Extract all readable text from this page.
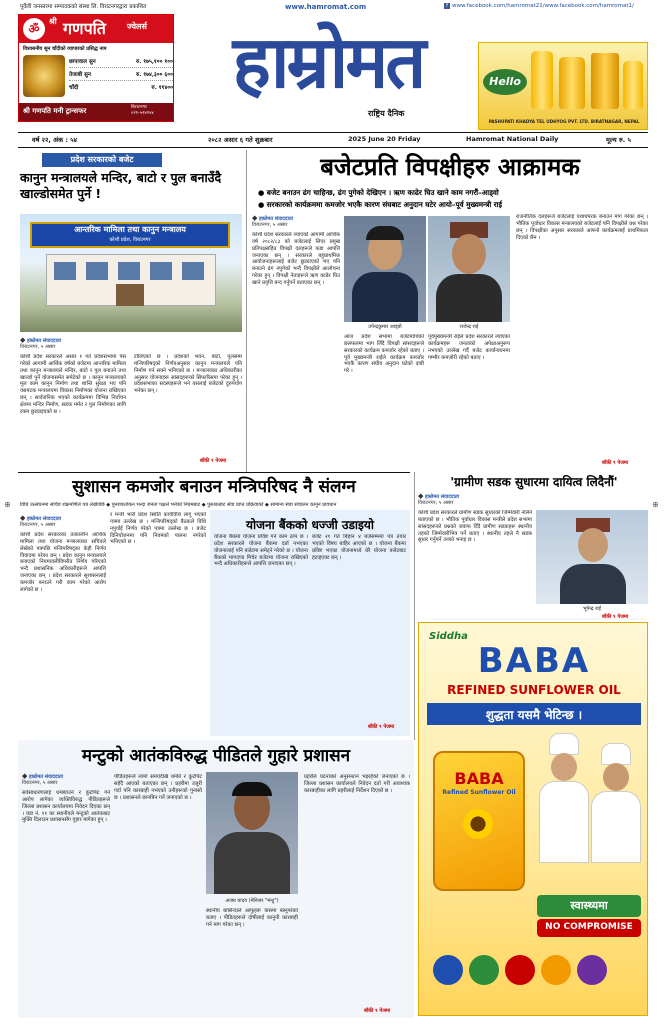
पूर्वेली जनस्तरमा सम्पादकको संस्था लि. विराटनगरद्वारा प्रकाशित	www.hamromat.com	f www.facebook.com/hamromat21/www.facebook.com/hamromat1/
ॐ
श्री गणपति	ज्वेलर्स
विश्वसनीय सुन चाँदीको व्यापारको प्रसिद्ध नाम
छापावाल सुन	रु. १७५,१०० १००
तेजाबी सुन	रु. १७४,३०० ६००
चाँदी	रु. ११४००
श्री गणपति मनी ट्रान्सफर	बिराटनगर
०२१-५२४२५४
हाम्रोमत
राष्ट्रिय दैनिक
Hello
PASHUPATI KHADYA TEL UDHYOG PVT. LTD. BIRATNAGAR, NEPAL
वर्ष २२, अंक : ५४	२०८२ असार ६ गते शुक्रबार	2025 June 20 Friday	Hamromat National Daily	मूल्य रु. ५
प्रदेश सरकारको बजेट
कानुन मन्त्रालयले मन्दिर, बाटो र पुल बनाउँदै खाल्डोसमेत पुर्ने !
आन्तरिक मामिला तथा कानुन मन्त्रालय
कोशी प्रदेश, विराटनगर
◆ हाम्रोमत संवाददाता
विराटनगर, ५ असार
कोशी प्रदेश सरकारले असार १ गते प्रदेशसभामा पेस गरेको आगामी आर्थिक वर्षको बजेटमा आन्तरिक मामिला तथा कानुन मन्त्रालयले मन्दिर, बाटो र पुल बनाउने तथा खाल्डो पुर्ने योजनासमेत समेटेको छ । कानुन मन्त्रालयको मूल काम कानुन निर्माण तथा शान्ति सुरक्षा भए पनि यसपटक मन्त्रालयमा विकास निर्माणका योजना राखिएका छन् । सार्वजनिक भएको कार्यक्रममा विभिन्न निर्वाचन क्षेत्रमा मन्दिर निर्माण, सडक मर्मत र पुल निर्माणका लागि रकम छुट्याइएको छ ।
टोलिएको छ । प्रदेशको भवन, बाटो, पुलसम्म मन्त्रिपरिषद्को निर्णयअनुसार कानुन मन्त्रालयले पनि निर्माण गर्न सक्ने भनिएको छ । मन्त्रालयका अधिकारीका अनुसार योजनाहरू सांसदहरूको सिफारिसमा परेका हुन् । प्रदेशसभाका सदस्यहरूले भने यसलाई बजेटको दुरुपयोग भनेका छन् ।
बाँकी ९ पेजमा
बजेटप्रति विपक्षीहरु आक्रामक
● बजेट बनाउन ढंग चाहिन्छ, ढंग पुगेको देखिएन । ऋण काढेर घिउ खाने काम नगरौं–आड्‌वो
● सरकारको कार्यक्रममा कमजोर भएकै कारण संघबाट अनुदान घटेर आयो–पूर्व मुख्यमन्त्री राई
◆ हाम्रोमत संवाददाता
विराटनगर, ५ असार
कोशी प्रदेश सरकारले ल्याएको आगामी आर्थिक वर्ष २०८२/८३ को बजेटलाई लिएर प्रमुख प्रतिपक्षसहित विपक्षी दलहरूले कडा आपत्ति जनाएका छन् । सरकारले बहुप्राथमिक आयोजनाहरूलाई बजेट छुट्याएको भए पनि बनाउने ढंग नपुगेको भन्दै विपक्षीले आलोचना गरेका हुन् । विपक्षी नेताहरूले ऋण काढेर घिउ खाने प्रवृत्ति बन्द गर्नुपर्ने बताएका छन् ।
उपेन्द्रकुमार आड्‌वो	राजेन्द्र राई
आज प्रदेश सभामा बजेटमाथिको छलफलमा भाग लिँदै विपक्षी सांसदहरूले सरकारको कार्यक्रम कमजोर रहेको बताए । पूर्व मुख्यमन्त्री राईले कार्यक्रम कमजोर भएकै कारण संघीय अनुदान घटेको दाबी गरे ।
पूर्वमुख्यमन्त्री राईले प्रदेश सरकारले ल्याएका कार्यक्रमहरू जनताको अपेक्षाअनुरूप नभएको उल्लेख गर्दै बजेट कार्यान्वयनमा गम्भीर कमजोरी रहेको बताए ।
राजनीतिक दलहरूले बजेटलाई यथार्थपरक बनाउन माग गरेका छन् । भौतिक पूर्वाधार विकास मन्त्रालयको बजेटलाई पनि विपक्षीले प्रश्न गरेका छन् । विपक्षीका अनुसार सरकारले आफ्नो कार्यक्रमलाई प्राथमिकता दिएको छैन ।
बाँकी ९ पेजमा
सुशासन कमजोर बनाउन मन्त्रिपरिषद नै संलग्न
विधि उल्लंघनमा सचिव शंक्रमणिले पत्र लेखेपछि ◆ पुनरावलोकन भन्दा जनता पक्षले भनेको नियमबाट ◆ पुस्तकबाट सेवा प्राप्त प्रक्रियाको ◆ सामान्य सेवा संचालन कानुन प्रावधान
◆ हाम्रोमत संवाददाता
विराटनगर, ५ असार
कोशी प्रदेश सरकारका तत्कालीन आर्थिक मामिला तथा योजना मन्त्रालयका सचिवले लेखेको पत्रपछि मन्त्रिपरिषद्का केही निर्णय विवादमा परेका छन् । प्रदेश कानुन मन्त्रालयले बनाएको नियमावलीविपरीत निर्णय गरिएको भन्दै प्रशासनिक अधिकारीहरूले आपत्ति जनाएका छन् । प्रदेश सरकारले सुशासनलाई कमजोर बनाउने गरी काम गरेको आरोप लागेको छ ।
र मन्त्री भारी प्रदेश स्थिति कार्यविधि लागू भएको पत्रमा उल्लेख छ । मन्त्रिपरिषद्को बैठकले विधि नपुर्याई निर्णय गरेको पत्रमा उल्लेख छ । बजेट विनियोजनमा पनि नियमको पालना नगरेको भनिएको छ ।
योजना बैंकको धज्जी उडाइयो
योजना बैंकमा योजना प्रविष्ट गर्ने काम ठप्प छ । प्रदेश सरकारले योजना बैंकमा दर्ता नभएका योजनालाई पनि बजेटमा समेट्ने गरेको छ । योजना बैंकको मापदण्ड मिचेर बजेटमा योजना राखिएको भन्दै अधिकारीहरूले आपत्ति जनाएका छन् ।
बजेट २१ गते बिहान ४ बजेसम्ममा पत्र तयार भएको विषय बाहिर आएको छ । योजना बैंकमा प्रविष्ट भएका योजनामध्ये धेरै योजना बजेटबाट हटाइएका छन् ।
बाँकी ९ पेजमा
'ग्रामीण सडक सुधारमा दायित्व लिदैनौं'
◆ हाम्रोमत संवाददाता
विराटनगर, ५ असार
कोशी प्रदेश सरकारले ग्रामीण सडक सुधारको जिम्मेवारी नलिने बताएको छ । भौतिक पूर्वाधार विकास मन्त्रीले प्रदेश सभामा सांसदहरूको प्रश्नको जवाफ दिँदै ग्रामीण सडकहरू स्थानीय तहको जिम्मेवारीभित्र पर्ने बताए । स्थानीय तहले नै सडक सुधार गर्नुपर्ने उनको भनाइ छ ।
भूपेन्द्र राई
बाँकी ९ पेजमा
Siddha
BABA
REFINED SUNFLOWER OIL
शुद्धता यसमै भेटिन्छ ।
BABA
Refined Sunflower Oil
स्वास्थ्यमा
NO COMPROMISE
मन्टुको आतंकविरुद्ध पीडितले गुहारे प्रशासन
◆ हाम्रोमत संवाददाता
विराटनगर, ५ असार
सर्वसाधारणलाई धम्क्याउने र कुटपिट गर्ने आरोप लागेका व्यक्तिविरुद्ध पीडितहरूले जिल्ला प्रशासन कार्यालयमा निवेदन दिएका छन् । वडा नं. ११ का स्थानीयले मन्टुको आतंकबाट मुक्ति दिलाउन प्रशासनसँग गुहार मागेका हुन् ।
पीडितहरूले लामो समयदेखि धम्की र कुटपिट सहँदै आएको बताएका छन् । प्रहरीमा उजुरी गर्दा पनि कारबाही नभएको उनीहरूको गुनासो छ । प्रशासनले छानबिन गर्ने जनाएको छ ।
अजय यादव (मेनिजर "मन्टु")
स्थानीय बासिन्दाले आफूहरू त्रासमा बस्नुपरेको बताए । पीडितहरूले दोषीलाई कानुनी कारबाही गर्न माग गरेका छन् ।
प्रहरीले घटनाबारे अनुसन्धान भइरहेको जनाएको छ । जिल्ला प्रशासन कार्यालयले निवेदन दर्ता गरी आवश्यक कारबाहीका लागि प्रहरीलाई निर्देशन दिएको छ ।
बाँकी ९ पेजमा
⊕	⊕
